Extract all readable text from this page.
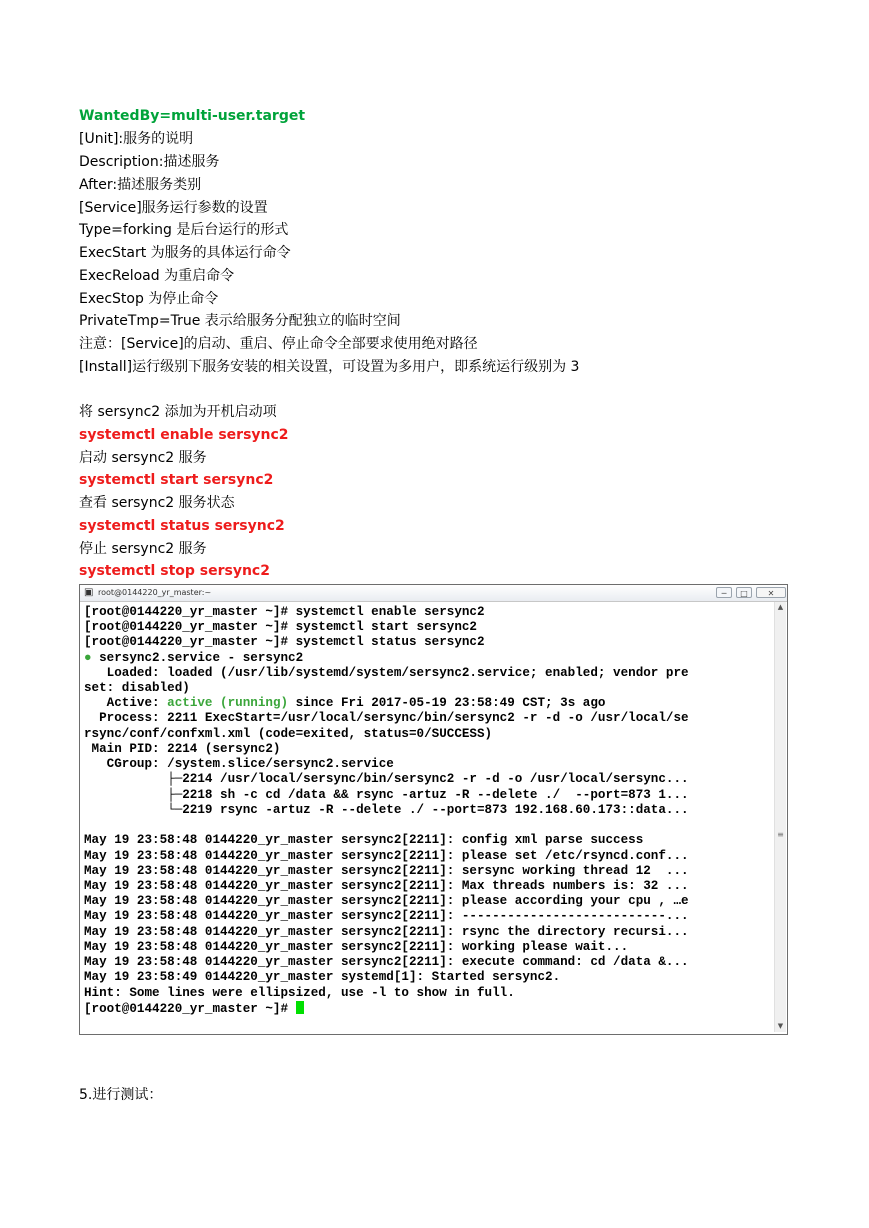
WantedBy=multi-user.target
[Unit]:服务的说明
Description:描述服务
After:描述服务类别
[Service]服务运行参数的设置
Type=forking 是后台运行的形式
ExecStart 为服务的具体运行命令
ExecReload 为重启命令
ExecStop 为停止命令
PrivateTmp=True 表示给服务分配独立的临时空间
注意：[Service]的启动、重启、停止命令全部要求使用绝对路径
[Install]运行级别下服务安装的相关设置，可设置为多用户，即系统运行级别为 3
将 sersync2 添加为开机启动项
systemctl enable sersync2
启动 sersync2 服务
systemctl start sersync2
查看 sersync2 服务状态
systemctl status sersync2
停止 sersync2 服务
systemctl stop sersync2
▣ root@0144220_yr_master:~	─	□	✕
[root@0144220_yr_master ~]# systemctl enable sersync2
[root@0144220_yr_master ~]# systemctl start sersync2
[root@0144220_yr_master ~]# systemctl status sersync2
● sersync2.service - sersync2
Loaded: loaded (/usr/lib/systemd/system/sersync2.service; enabled; vendor pre
set: disabled)
Active: active (running) since Fri 2017-05-19 23:58:49 CST; 3s ago
Process: 2211 ExecStart=/usr/local/sersync/bin/sersync2 -r -d -o /usr/local/se
rsync/conf/confxml.xml (code=exited, status=0/SUCCESS)
Main PID: 2214 (sersync2)
CGroup: /system.slice/sersync2.service
├─2214 /usr/local/sersync/bin/sersync2 -r -d -o /usr/local/sersync...
├─2218 sh -c cd /data && rsync -artuz -R --delete ./  --port=873 1...
└─2219 rsync -artuz -R --delete ./ --port=873 192.168.60.173::data...
May 19 23:58:48 0144220_yr_master sersync2[2211]: config xml parse success
May 19 23:58:48 0144220_yr_master sersync2[2211]: please set /etc/rsyncd.conf...
May 19 23:58:48 0144220_yr_master sersync2[2211]: sersync working thread 12  ...
May 19 23:58:48 0144220_yr_master sersync2[2211]: Max threads numbers is: 32 ...
May 19 23:58:48 0144220_yr_master sersync2[2211]: please according your cpu , …e
May 19 23:58:48 0144220_yr_master sersync2[2211]: ---------------------------...
May 19 23:58:48 0144220_yr_master sersync2[2211]: rsync the directory recursi...
May 19 23:58:48 0144220_yr_master sersync2[2211]: working please wait...
May 19 23:58:48 0144220_yr_master sersync2[2211]: execute command: cd /data &...
May 19 23:58:49 0144220_yr_master systemd[1]: Started sersync2.
Hint: Some lines were ellipsized, use -l to show in full.
[root@0144220_yr_master ~]#
▲
≡
▼
5.进行测试：
